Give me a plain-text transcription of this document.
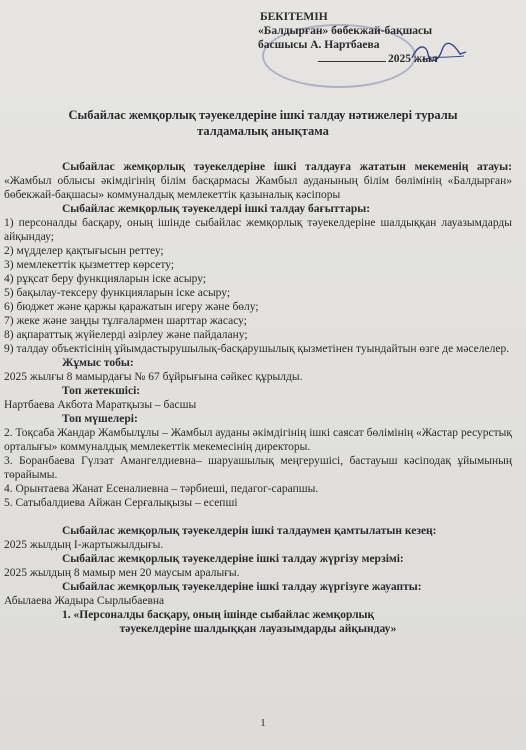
БЕКІТЕМІН
«Балдырған» бөбекжай-бақшасы
басшысы А. Нартбаева
2025 жыл
Сыбайлас жемқорлық тәуекелдеріне ішкі талдау нәтижелері туралы
талдамалық анықтама

Сыбайлас жемқорлық тәуекелдеріне ішкі талдауға жататын мекеменің атауы: «Жамбыл облысы әкімдігінің білім басқармасы Жамбыл ауданының білім бөлімінің «Балдырған» бөбекжай-бақшасы» коммуналдық мемлекеттік қазыналық кәсіпоры

Сыбайлас жемқорлық тәуекелдері ішкі талдау бағыттары:

1) персоналды басқару, оның ішінде сыбайлас жемқорлық тәуекелдеріне шалдыққан лауазымдарды айқындау;

2) мүдделер қақтығысын реттеу;

3) мемлекеттік қызметтер көрсету;

4) рұқсат беру функцияларын іске асыру;

5) бақылау-тексеру функцияларын іске асыру;

6) бюджет және қаржы қаражатын игеру және бөлу;

7) жеке және заңды тұлғалармен шарттар жасасу;

8) ақпараттық жүйелерді әзірлеу және пайдалану;

9) талдау объектісінің ұйымдастырушылық-басқарушылық қызметінен туындайтын өзге де мәселелер.

Жұмыс тобы:

2025 жылғы 8 мамырдағы № 67 бұйрығына сәйкес құрылды.

Топ жетекшісі:

Нартбаева Акбота Маратқызы – басшы

Топ мүшелері:

2. Тоқсаба Жандар Жамбылұлы – Жамбыл ауданы әкімдігінің ішкі саясат бөлімінің «Жастар ресурстық орталығы» коммуналдық мемлекеттік мекемесінің директоры.

3. Боранбаева Гүлзат Амангелдиевна– шаруашылық меңгерушісі, бастауыш кәсіподақ ұйымының төрайымы.

4. Орынтаева Жанат Есеналиевна – тәрбиеші, педагог-сарапшы.

5. Сатыбалдиева Айжан Серғалықызы – есепші

Сыбайлас жемқорлық тәуекелдерін ішкі талдаумен қамтылатын кезең:

2025 жылдың І-жартыжылдығы.

Сыбайлас жемқорлық тәуекелдеріне ішкі талдау жүргізу мерзімі:

2025 жылдың 8 мамыр мен 20 маусым аралығы.

Сыбайлас жемқорлық тәуекелдеріне ішкі талдау жүргізуге жауапты:

Абылаева Жадыра Сырлыбаевна

1. «Персоналды басқару, оның ішінде сыбайлас жемқорлық

тәуекелдеріне шалдыққан лауазымдарды айқындау»

1
